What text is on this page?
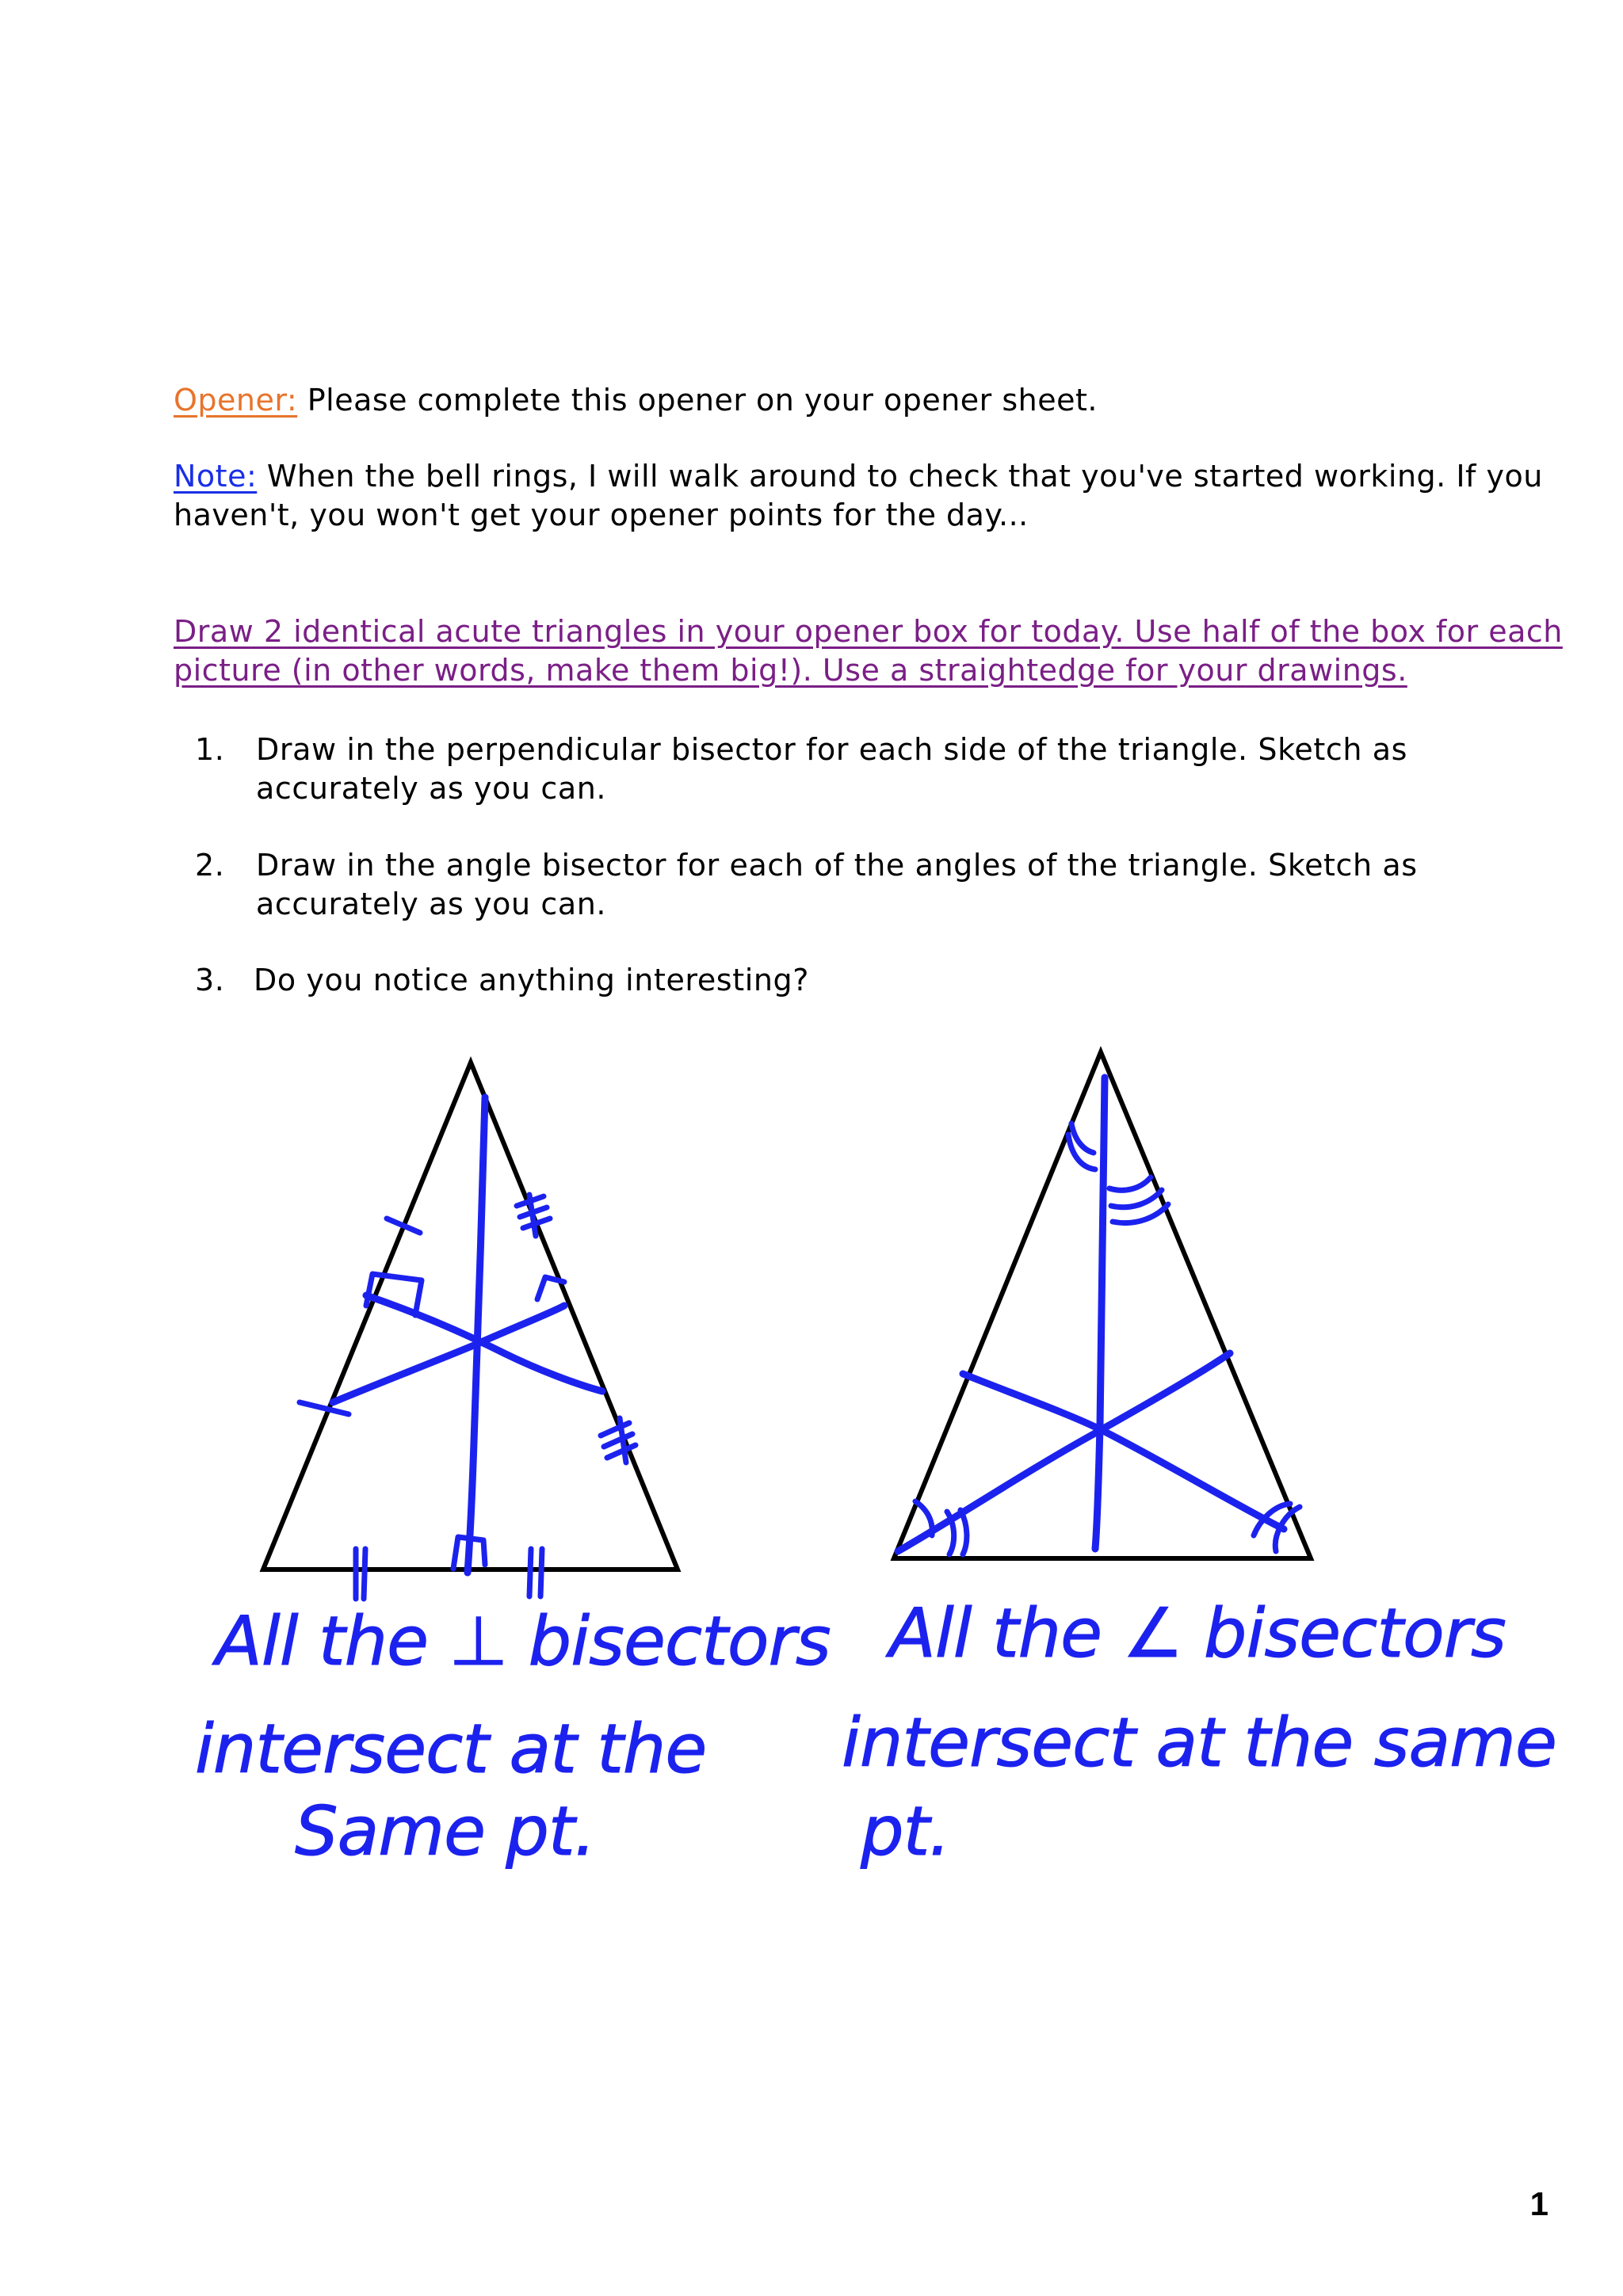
Opener: Please complete this opener on your opener sheet.
Note: When the bell rings, I will walk around to check that you've started working. If you
haven't, you won't get your opener points for the day...
Draw 2 identical acute triangles in your opener box for today. Use half of the box for each
picture (in other words, make them big!). Use a straightedge for your drawings.
1. Draw in the perpendicular bisector for each side of the triangle. Sketch as
accurately as you can.
2. Draw in the angle bisector for each of the angles of the triangle. Sketch as
accurately as you can.
3. Do you notice anything interesting?
All the ⊥ bisectors
intersect at the
Same pt.
All the ∠ bisectors
intersect at the same
pt.
1
